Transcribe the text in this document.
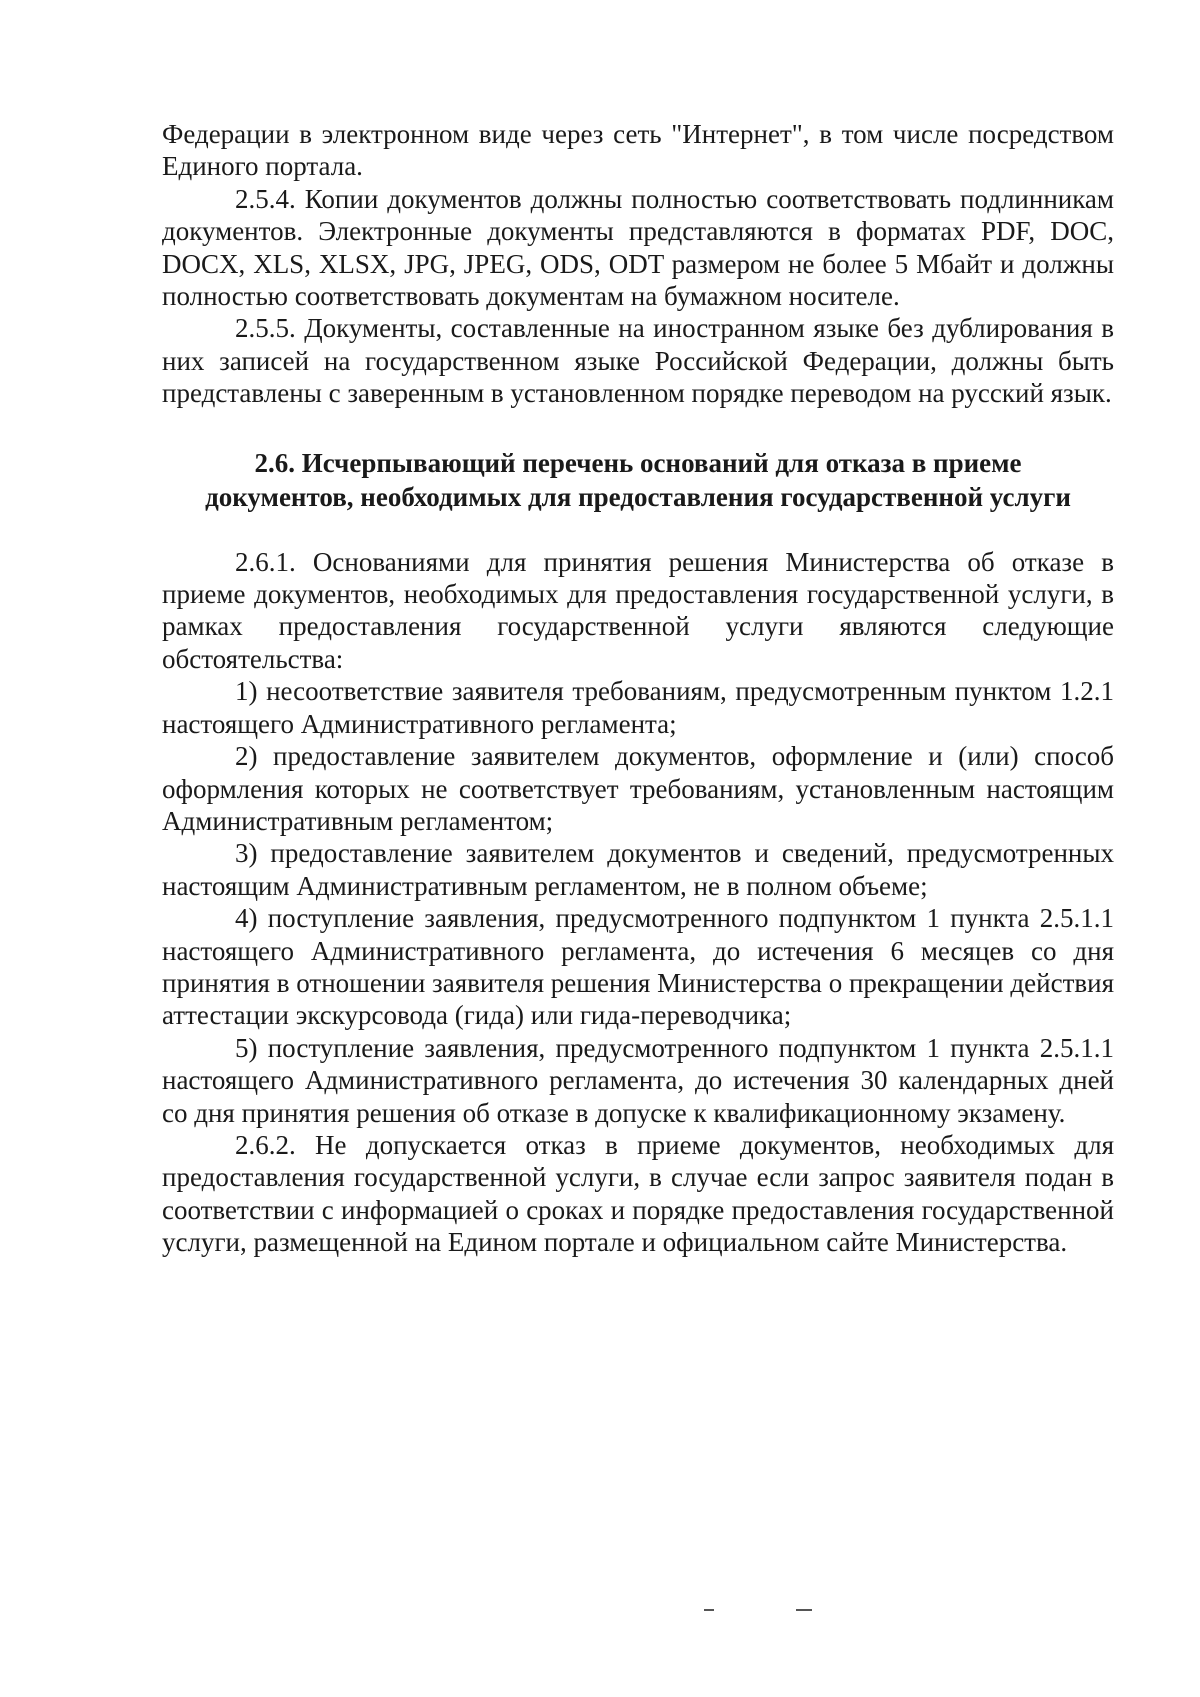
Федерации в электронном виде через сеть "Интернет", в том числе посредством Единого портала.

2.5.4. Копии документов должны полностью соответствовать подлинникам документов. Электронные документы представляются в форматах PDF, DOC, DOCX, XLS, XLSX, JPG, JPEG, ODS, ODT размером не более 5 Мбайт и должны полностью соответствовать документам на бумажном носителе.

2.5.5. Документы, составленные на иностранном языке без дублирования в них записей на государственном языке Российской Федерации, должны быть представлены с заверенным в установленном порядке переводом на русский язык.

2.6. Исчерпывающий перечень оснований для отказа в приеме
документов, необходимых для предоставления государственной услуги

2.6.1. Основаниями для принятия решения Министерства об отказе в приеме документов, необходимых для предоставления государственной услуги, в рамках предоставления государственной услуги являются следующие обстоятельства:

1) несоответствие заявителя требованиям, предусмотренным пунктом 1.2.1 настоящего Административного регламента;

2) предоставление заявителем документов, оформление и (или) способ оформления которых не соответствует требованиям, установленным настоящим Административным регламентом;

3) предоставление заявителем документов и сведений, предусмотренных настоящим Административным регламентом, не в полном объеме;

4) поступление заявления, предусмотренного подпунктом 1 пункта 2.5.1.1 настоящего Административного регламента, до истечения 6 месяцев со дня принятия в отношении заявителя решения Министерства о прекращении действия аттестации экскурсовода (гида) или гида-переводчика;

5) поступление заявления, предусмотренного подпунктом 1 пункта 2.5.1.1 настоящего Административного регламента, до истечения 30 календарных дней со дня принятия решения об отказе в допуске к квалификационному экзамену.

2.6.2. Не допускается отказ в приеме документов, необходимых для предоставления государственной услуги, в случае если запрос заявителя подан в соответствии с информацией о сроках и порядке предоставления государственной услуги, размещенной на Едином портале и официальном сайте Министерства.
